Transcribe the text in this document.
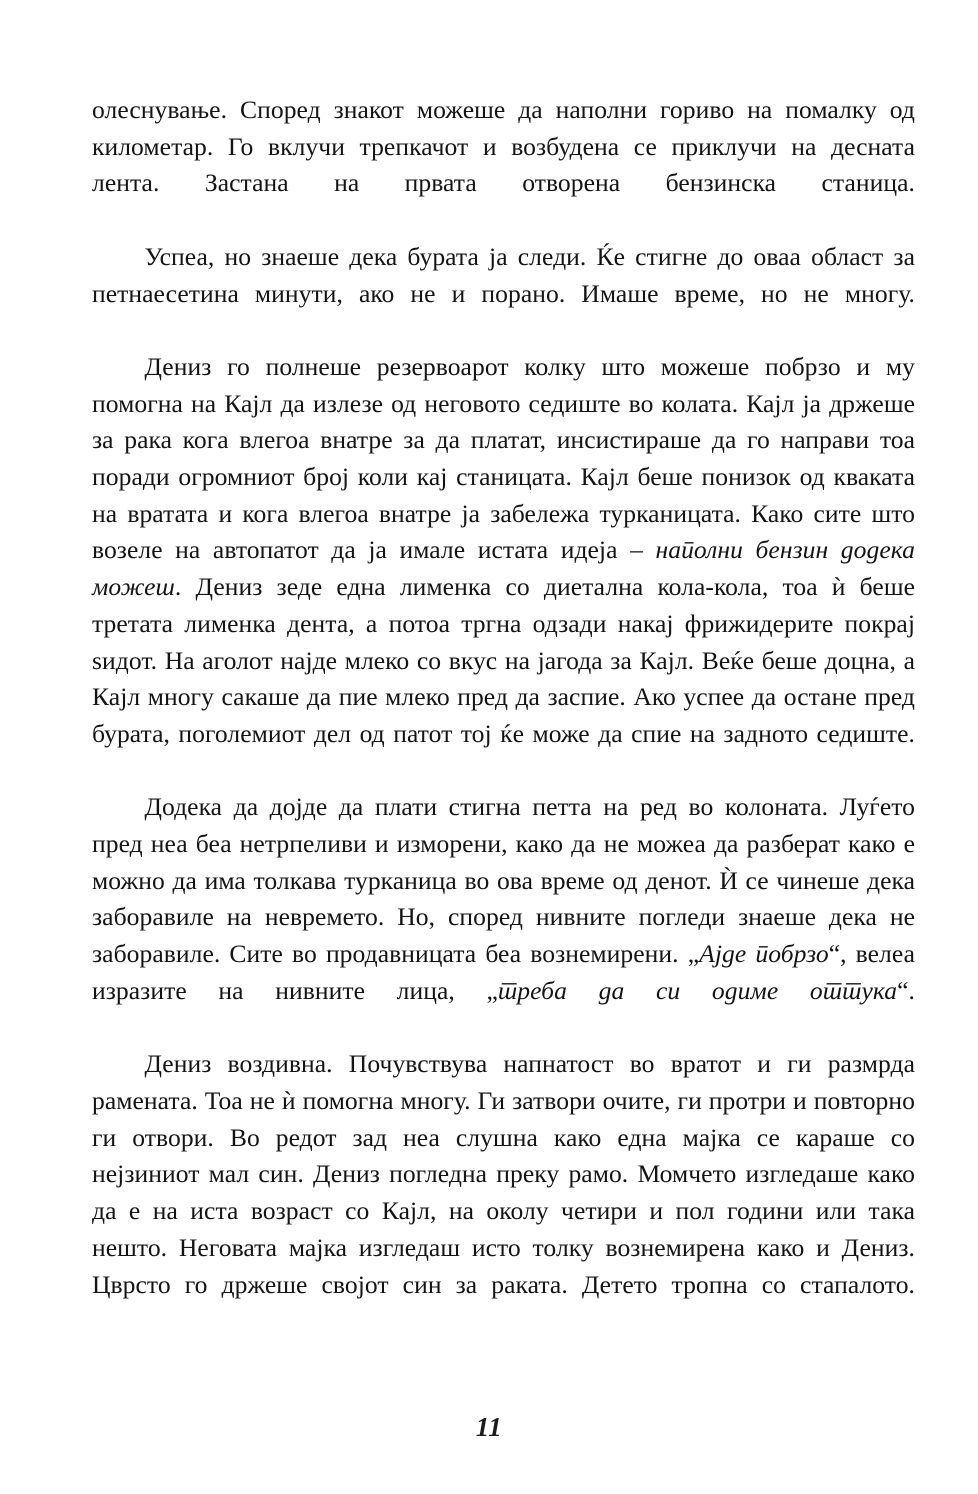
олеснување. Според знакот можеше да наполни гориво на помалку од километар. Го вклучи трепкачот и возбудена се приклучи на десната лента. Застана на првата отворена бензинска станица.

Успеа, но знаеше дека бурата ја следи. Ќе стигне до оваа област за петнаесетина минути, ако не и порано. Имаше време, но не многу.

Дениз го полнеше резервоарот колку што можеше побрзо и му помогна на Кајл да излезе од неговото седиште во колата. Кајл ја држеше за рака кога влегоа внатре за да платат, инсистираше да го направи тоа поради огромниот број коли кај станицата. Кајл беше понизок од кваката на вратата и кога влегоа внатре ја забележа турканицата. Како сите што возеле на автопатот да ја имале истата идеја – наполни бензин додека можеш. Дениз зеде една лименка со диетална кола-кола, тоа ѝ беше третата лименка дента, а потоа тргна одзади накај фрижидерите покрај ѕидот. На аголот најде млеко со вкус на јагода за Кајл. Веќе беше доцна, а Кајл многу сакаше да пие млеко пред да заспие. Ако успее да остане пред бурата, поголемиот дел од патот тој ќе може да спие на задното седиште.

Додека да дојде да плати стигна петта на ред во колоната. Луѓето пред неа беа нетрпеливи и изморени, како да не можеа да разберат како е можно да има толкава турканица во ова време од денот. Ѝ се чинеше дека заборавиле на невремето. Но, според нивните погледи знаеше дека не заборавиле. Сите во продавницата беа вознемирени. „Ајде побрзо“, велеа изразите на нивните лица, „треба да си одиме оттука“.

Дениз воздивна. Почувствува напнатост во вратот и ги размрда рамената. Тоа не ѝ помогна многу. Ги затвори очите, ги протри и повторно ги отвори. Во редот зад неа слушна како една мајка се караше со нејзиниот мал син. Дениз погледна преку рамо. Момчето изгледаше како да е на иста возраст со Кајл, на околу четири и пол години или така нешто. Неговата мајка изгледаш исто толку вознемирена како и Дениз. Цврсто го држеше својот син за раката. Детето тропна со стапалото.

11
